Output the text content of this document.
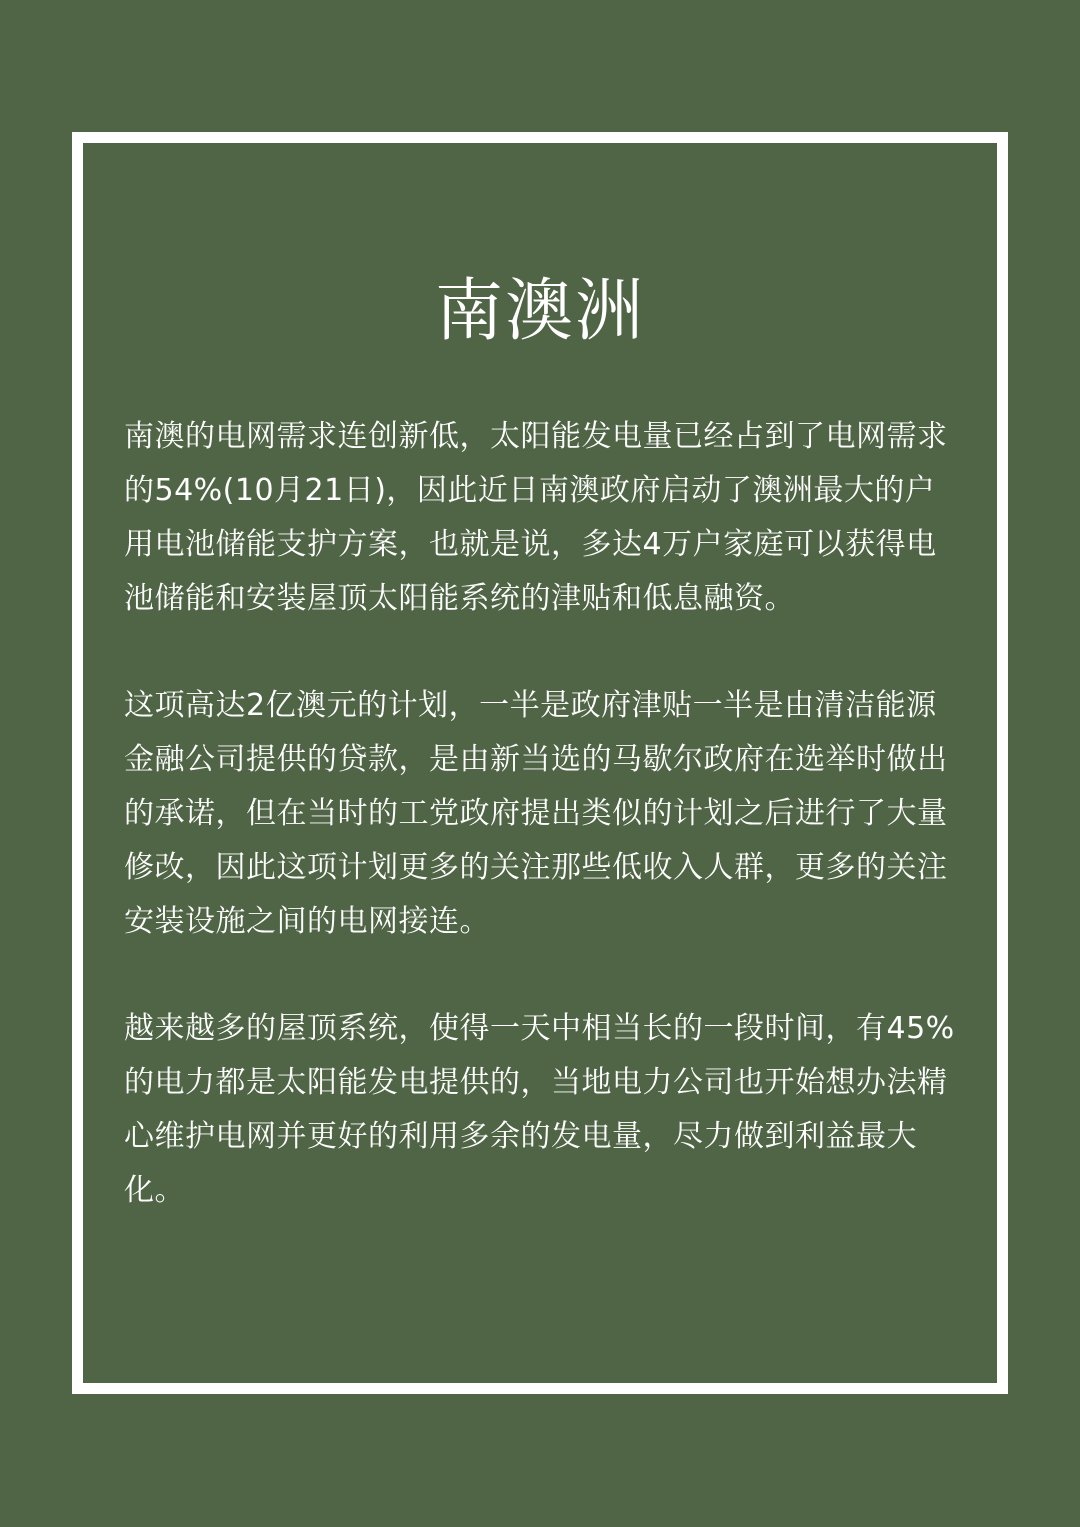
南澳洲

南澳的电网需求连创新低，太阳能发电量已经占到了电网需求的54%(10月21日)，因此近日南澳政府启动了澳洲最大的户用电池储能支护方案，也就是说，多达4万户家庭可以获得电池储能和安装屋顶太阳能系统的津贴和低息融资。

这项高达2亿澳元的计划，一半是政府津贴一半是由清洁能源金融公司提供的贷款，是由新当选的马歇尔政府在选举时做出的承诺，但在当时的工党政府提出类似的计划之后进行了大量修改，因此这项计划更多的关注那些低收入人群，更多的关注安装设施之间的电网接连。

越来越多的屋顶系统，使得一天中相当长的一段时间，有45%的电力都是太阳能发电提供的，当地电力公司也开始想办法精心维护电网并更好的利用多余的发电量，尽力做到利益最大化。
